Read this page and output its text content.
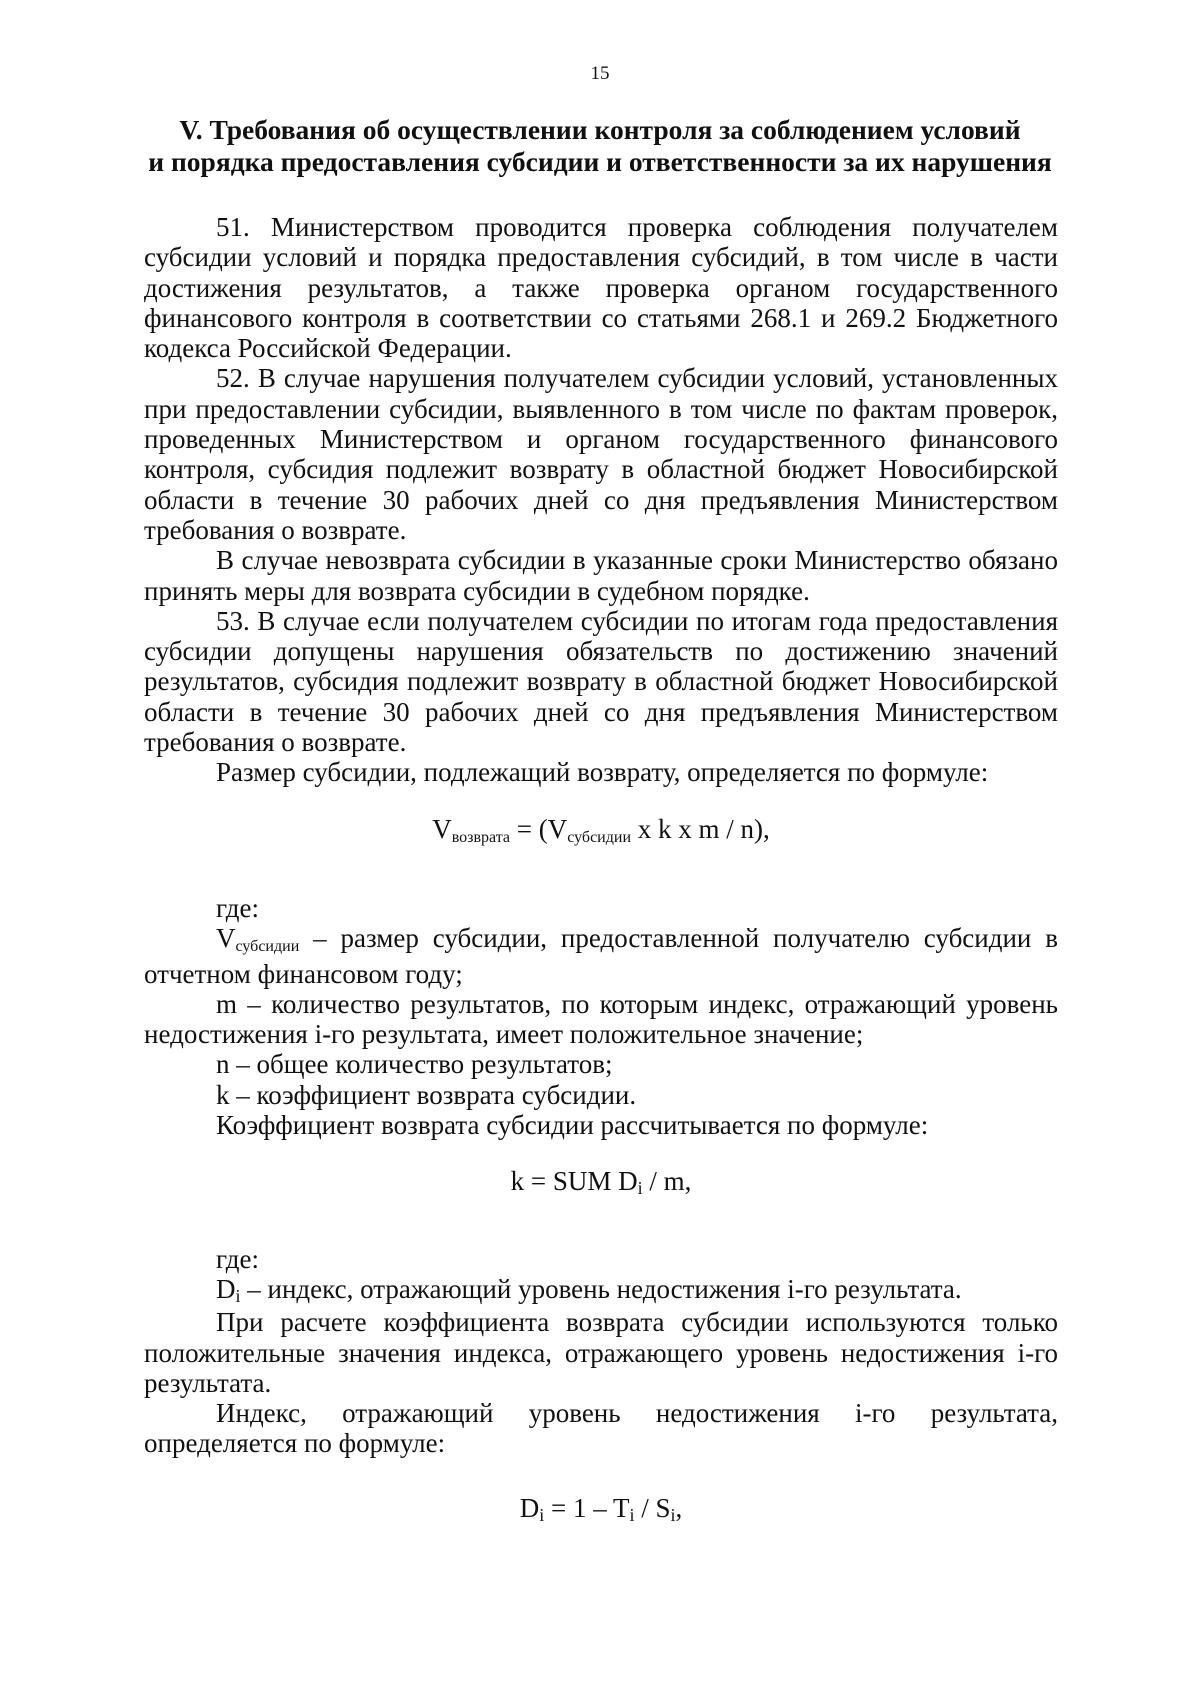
15
V. Требования об осуществлении контроля за соблюдением условий
и порядка предоставления субсидии и ответственности за их нарушения

51. Министерством проводится проверка соблюдения получателем субсидии условий и порядка предоставления субсидий, в том числе в части достижения результатов, а также проверка органом государственного финансового контроля в соответствии со статьями 268.1 и 269.2 Бюджетного кодекса Российской Федерации.

52. В случае нарушения получателем субсидии условий, установленных при предоставлении субсидии, выявленного в том числе по фактам проверок, проведенных Министерством и органом государственного финансового контроля, субсидия подлежит возврату в областной бюджет Новосибирской области в течение 30 рабочих дней со дня предъявления Министерством требования о возврате.

В случае невозврата субсидии в указанные сроки Министерство обязано принять меры для возврата субсидии в судебном порядке.

53. В случае если получателем субсидии по итогам года предоставления субсидии допущены нарушения обязательств по достижению значений результатов, субсидия подлежит возврату в областной бюджет Новосибирской области в течение 30 рабочих дней со дня предъявления Министерством требования о возврате.

Размер субсидии, подлежащий возврату, определяется по формуле:

$V_{возврата} = (V_{субсидии}$ x k x m / n),

где:

$V_{субсидии}$ – размер субсидии, предоставленной получателю субсидии в отчетном финансовом году;

m – количество результатов, по которым индекс, отражающий уровень недостижения i-го результата, имеет положительное значение;

n – общее количество результатов;

k – коэффициент возврата субсидии.

Коэффициент возврата субсидии рассчитывается по формуле:

k = SUM $D_i$ / m,

где:

$D_i$ – индекс, отражающий уровень недостижения i-го результата.

При расчете коэффициента возврата субсидии используются только положительные значения индекса, отражающего уровень недостижения i-го результата.

Индекс, отражающий уровень недостижения i-го результата, определяется по формуле:

$D_i = 1 - T_i / S_i$,
